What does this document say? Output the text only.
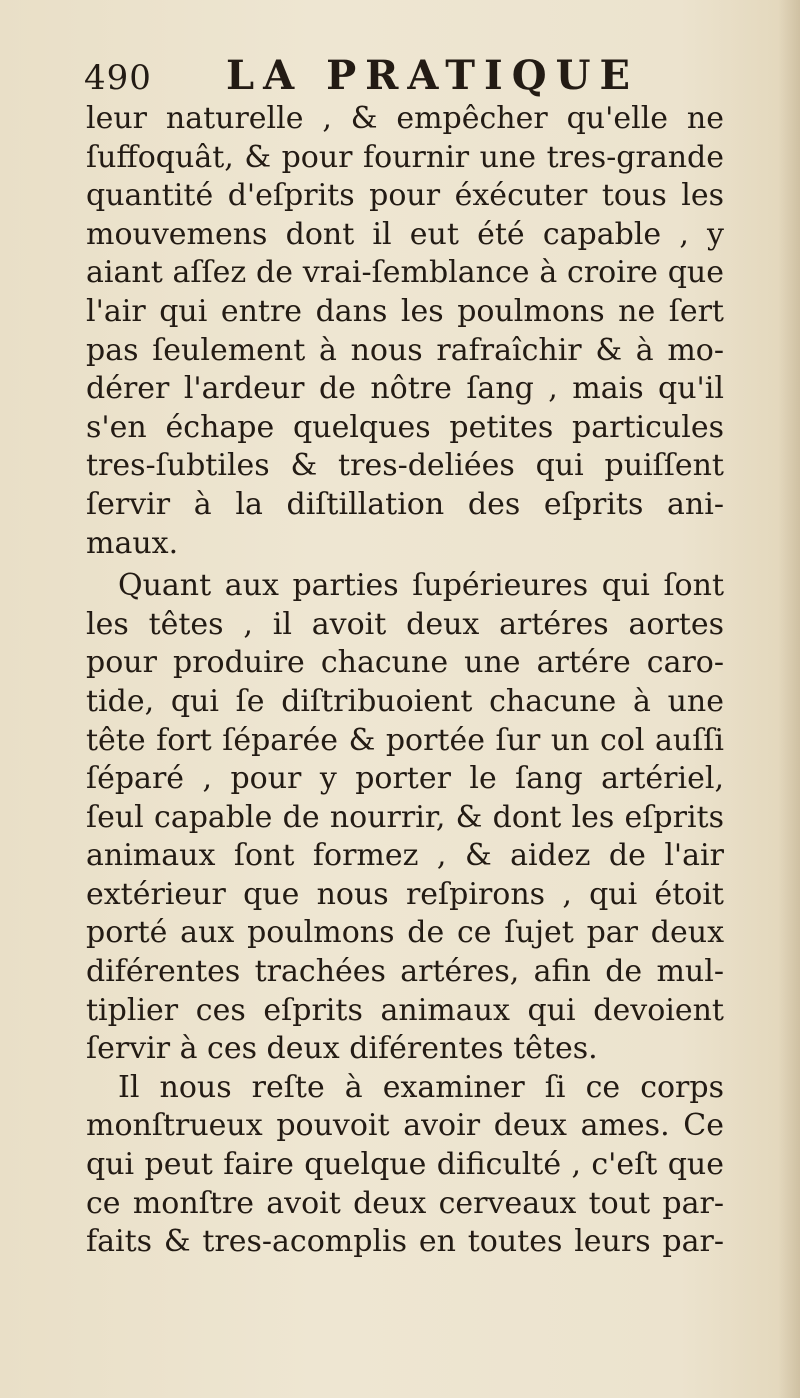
490 LA PRATIQUE
leur naturelle , & empêcher qu'elle ne
ſuffoquât, & pour fournir une tres-grande
quantité d'eſprits pour éxécuter tous les
mouvemens dont il eut été capable , y
aiant aſſez de vrai-ſemblance à croire que
l'air qui entre dans les poulmons ne ſert
pas ſeulement à nous rafraîchir & à mo-
dérer l'ardeur de nôtre ſang , mais qu'il
s'en échape quelques petites particules
tres-ſubtiles & tres-deliées qui puiſſent
ſervir à la diſtillation des eſprits ani-
maux.
Quant aux parties ſupérieures qui ſont
les têtes , il avoit deux artéres aortes
pour produire chacune une artére caro-
tide, qui ſe diſtribuoient chacune à une
tête fort ſéparée & portée ſur un col auſſi
ſéparé , pour y porter le ſang artériel,
ſeul capable de nourrir, & dont les eſprits
animaux ſont formez , & aidez de l'air
extérieur que nous reſpirons , qui étoit
porté aux poulmons de ce ſujet par deux
diférentes trachées artéres, afin de mul-
tiplier ces eſprits animaux qui devoient
ſervir à ces deux diférentes têtes.
Il nous reſte à examiner ſi ce corps
monſtrueux pouvoit avoir deux ames. Ce
qui peut faire quelque dificulté , c'eſt que
ce monſtre avoit deux cerveaux tout par-
faits & tres-acomplis en toutes leurs par-
